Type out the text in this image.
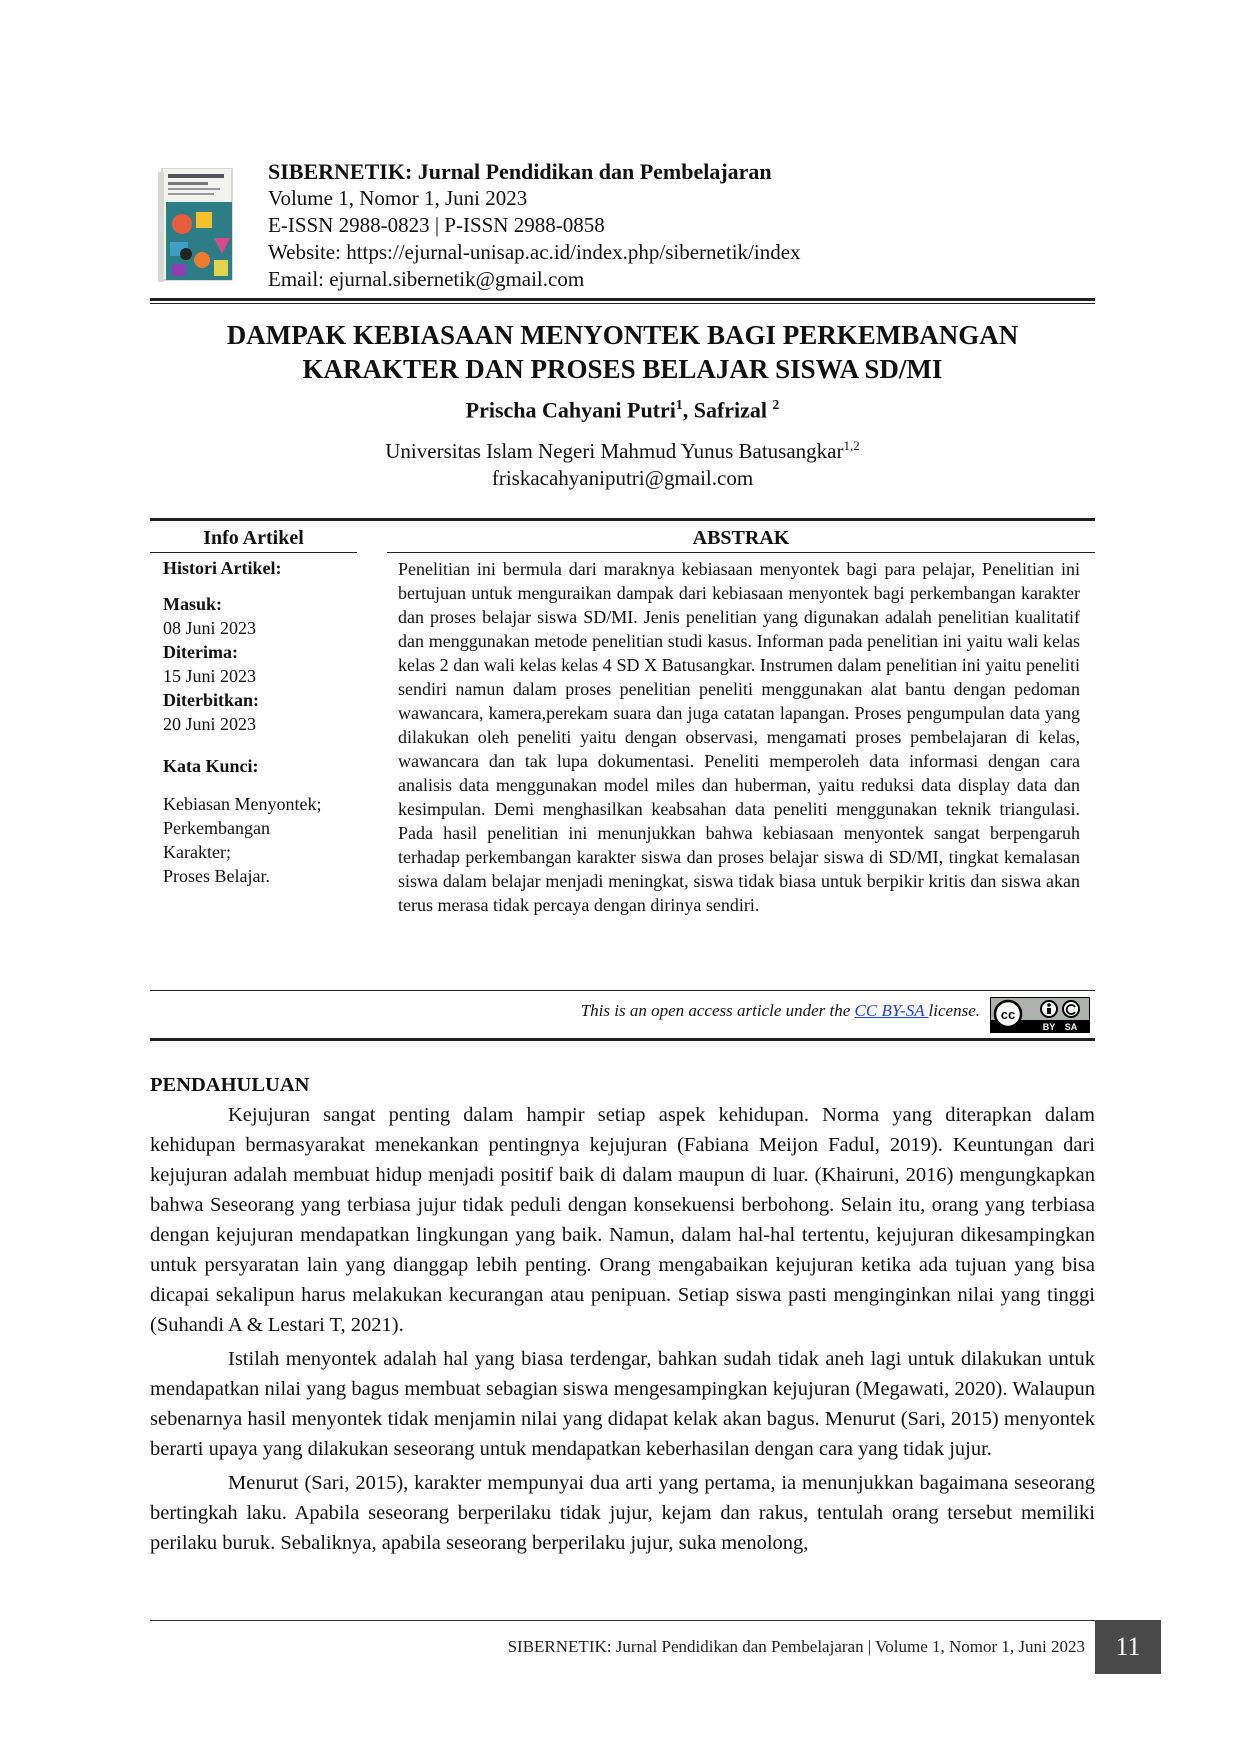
SIBERNETIK: Jurnal Pendidikan dan Pembelajaran
Volume 1, Nomor 1, Juni 2023
E-ISSN 2988-0823 | P-ISSN 2988-0858
Website: https://ejurnal-unisap.ac.id/index.php/sibernetik/index
Email: ejurnal.sibernetik@gmail.com
DAMPAK KEBIASAAN MENYONTEK BAGI PERKEMBANGAN
KARAKTER DAN PROSES BELAJAR SISWA SD/MI
Prischa Cahyani Putri$^1$, Safrizal $^2$
Universitas Islam Negeri Mahmud Yunus Batusangkar$^{1,2}$
friskacahyaniputri@gmail.com
Info Artikel	ABSTRAK
Histori Artikel:
Masuk:
08 Juni 2023
Diterima:
15 Juni 2023
Diterbitkan:
20 Juni 2023
Kata Kunci:
Kebiasan Menyontek;
Perkembangan
Karakter;
Proses Belajar.
Penelitian ini bermula dari maraknya kebiasaan menyontek bagi para pelajar, Penelitian ini bertujuan untuk menguraikan dampak dari kebiasaan menyontek bagi perkembangan karakter dan proses belajar siswa SD/MI. Jenis penelitian yang digunakan adalah penelitian kualitatif dan menggunakan metode penelitian studi kasus. Informan pada penelitian ini yaitu wali kelas kelas 2 dan wali kelas kelas 4 SD X Batusangkar. Instrumen dalam penelitian ini yaitu peneliti sendiri namun dalam proses penelitian peneliti menggunakan alat bantu dengan pedoman wawancara, kamera,perekam suara dan juga catatan lapangan. Proses pengumpulan data yang dilakukan oleh peneliti yaitu dengan observasi, mengamati proses pembelajaran di kelas, wawancara dan tak lupa dokumentasi. Peneliti memperoleh data informasi dengan cara analisis data menggunakan model miles dan huberman, yaitu reduksi data display data dan kesimpulan. Demi menghasilkan keabsahan data peneliti menggunakan teknik triangulasi. Pada hasil penelitian ini menunjukkan bahwa kebiasaan menyontek sangat berpengaruh terhadap perkembangan karakter siswa dan proses belajar siswa di SD/MI, tingkat kemalasan siswa dalam belajar menjadi meningkat, siswa tidak biasa untuk berpikir kritis dan siswa akan terus merasa tidak percaya dengan dirinya sendiri.
This is an open access article under the CC BY-SA license. cc
BY SA
PENDAHULUAN

Kejujuran sangat penting dalam hampir setiap aspek kehidupan. Norma yang diterapkan dalam kehidupan bermasyarakat menekankan pentingnya kejujuran (Fabiana Meijon Fadul, 2019). Keuntungan dari kejujuran adalah membuat hidup menjadi positif baik di dalam maupun di luar. (Khairuni, 2016) mengungkapkan bahwa Seseorang yang terbiasa jujur tidak peduli dengan konsekuensi berbohong. Selain itu, orang yang terbiasa dengan kejujuran mendapatkan lingkungan yang baik. Namun, dalam hal-hal tertentu, kejujuran dikesampingkan untuk persyaratan lain yang dianggap lebih penting. Orang mengabaikan kejujuran ketika ada tujuan yang bisa dicapai sekalipun harus melakukan kecurangan atau penipuan. Setiap siswa pasti menginginkan nilai yang tinggi (Suhandi A & Lestari T, 2021).

Istilah menyontek adalah hal yang biasa terdengar, bahkan sudah tidak aneh lagi untuk dilakukan untuk mendapatkan nilai yang bagus membuat sebagian siswa mengesampingkan kejujuran (Megawati, 2020). Walaupun sebenarnya hasil menyontek tidak menjamin nilai yang didapat kelak akan bagus. Menurut (Sari, 2015) menyontek berarti upaya yang dilakukan seseorang untuk mendapatkan keberhasilan dengan cara yang tidak jujur.

Menurut (Sari, 2015), karakter mempunyai dua arti yang pertama, ia menunjukkan bagaimana seseorang bertingkah laku. Apabila seseorang berperilaku tidak jujur, kejam dan rakus, tentulah orang tersebut memiliki perilaku buruk. Sebaliknya, apabila seseorang berperilaku jujur, suka menolong,

SIBERNETIK: Jurnal Pendidikan dan Pembelajaran | Volume 1, Nomor 1, Juni 2023	11
